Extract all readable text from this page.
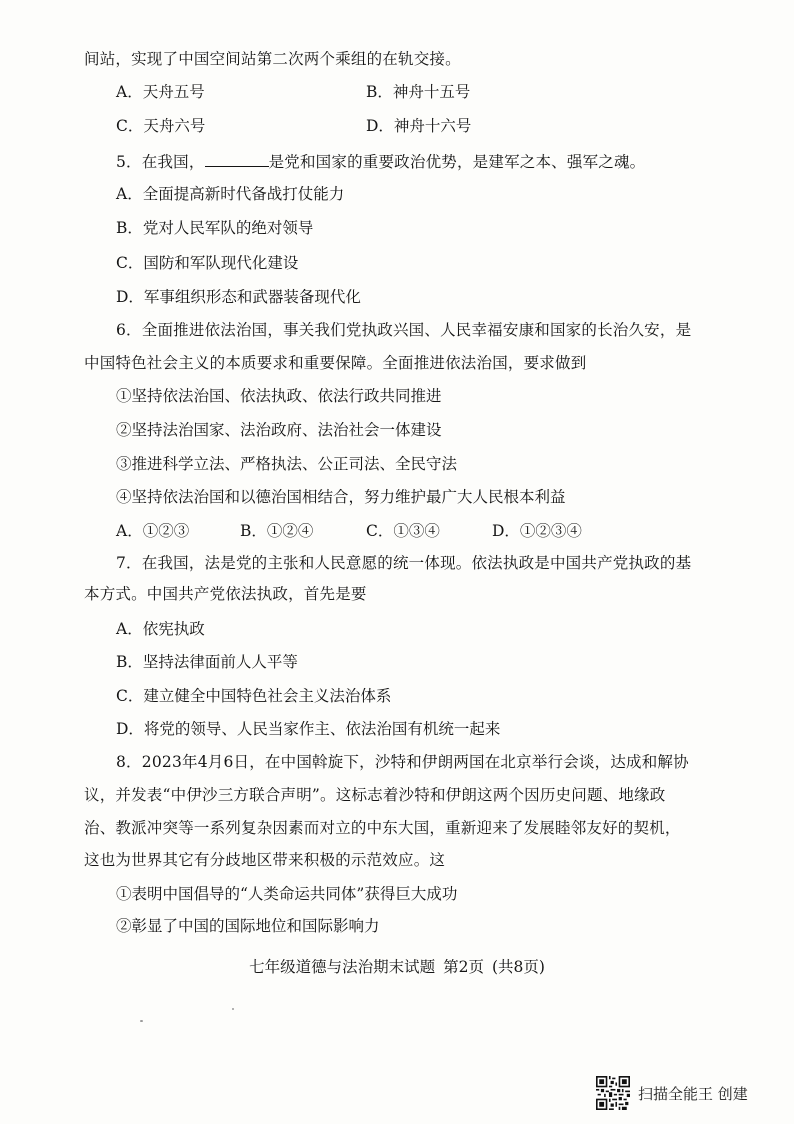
间站，实现了中国空间站第二次两个乘组的在轨交接。
A．天舟五号	B．神舟十五号
C．天舟六号	D．神舟十六号
5．在我国，	是党和国家的重要政治优势，是建军之本、强军之魂。
A．全面提高新时代备战打仗能力
B．党对人民军队的绝对领导
C．国防和军队现代化建设
D．军事组织形态和武器装备现代化
6．全面推进依法治国，事关我们党执政兴国、人民幸福安康和国家的长治久安，是
中国特色社会主义的本质要求和重要保障。全面推进依法治国，要求做到
①坚持依法治国、依法执政、依法行政共同推进
②坚持法治国家、法治政府、法治社会一体建设
③推进科学立法、严格执法、公正司法、全民守法
④坚持依法治国和以德治国相结合，努力维护最广大人民根本利益
A．①②③	B．①②④	C．①③④	D．①②③④
7．在我国，法是党的主张和人民意愿的统一体现。依法执政是中国共产党执政的基
本方式。中国共产党依法执政，首先是要
A．依宪执政
B．坚持法律面前人人平等
C．建立健全中国特色社会主义法治体系
D．将党的领导、人民当家作主、依法治国有机统一起来
8．2023年4月6日，在中国斡旋下，沙特和伊朗两国在北京举行会谈，达成和解协
议，并发表“中伊沙三方联合声明”。这标志着沙特和伊朗这两个因历史问题、地缘政
治、教派冲突等一系列复杂因素而对立的中东大国，重新迎来了发展睦邻友好的契机，
这也为世界其它有分歧地区带来积极的示范效应。这
①表明中国倡导的“人类命运共同体”获得巨大成功
②彰显了中国的国际地位和国际影响力
七年级道德与法治期末试题 第2页 (共8页)
扫描全能王 创建
